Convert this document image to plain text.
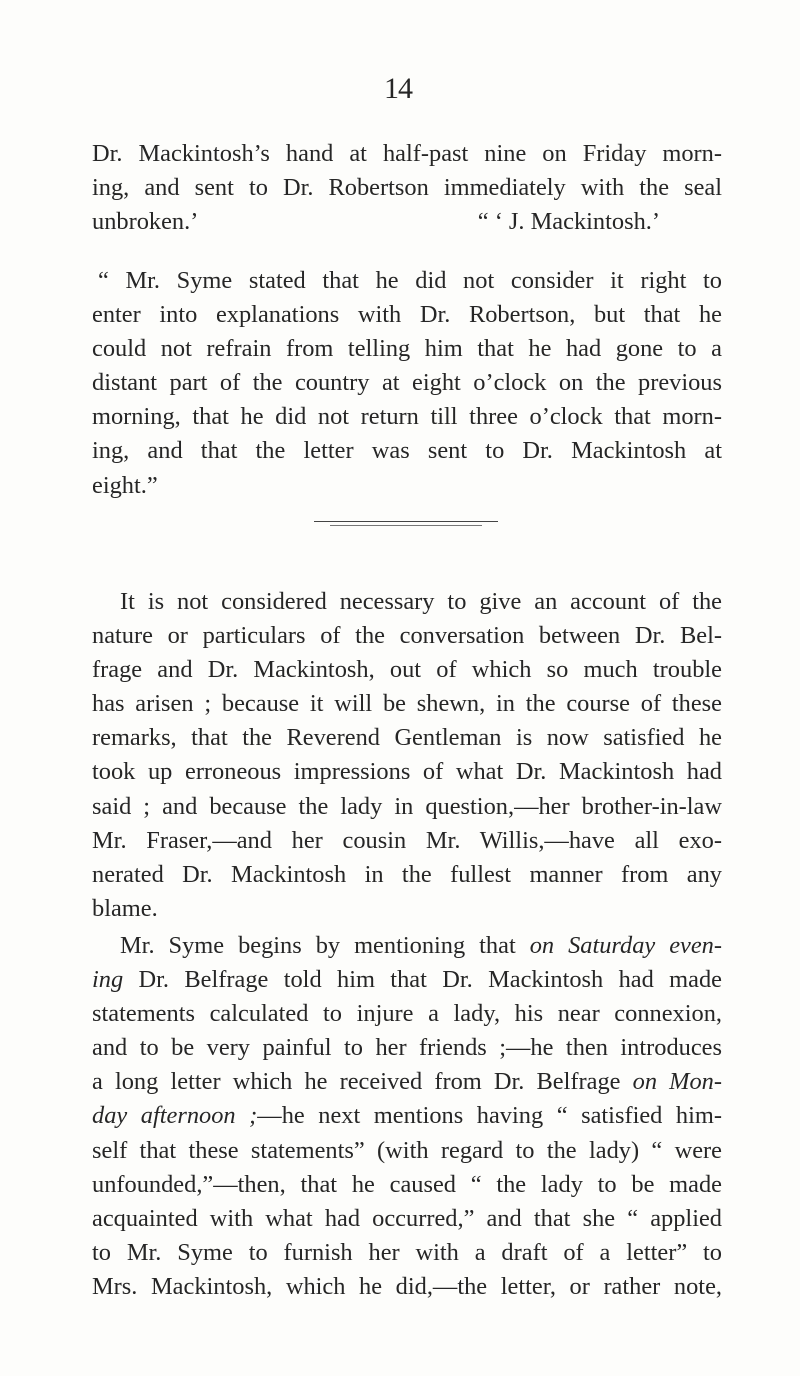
14
Dr. Mackintosh’s hand at half-past nine on Friday morn-
ing, and sent to Dr. Robertson immediately with the seal
unbroken.’	“ ‘ J. Mackintosh.’
“ Mr. Syme stated that he did not consider it right to
enter into explanations with Dr. Robertson, but that he
could not refrain from telling him that he had gone to a
distant part of the country at eight o’clock on the previous
morning, that he did not return till three o’clock that morn-
ing, and that the letter was sent to Dr. Mackintosh at
eight.”
It is not considered necessary to give an account of the
nature or particulars of the conversation between Dr. Bel-
frage and Dr. Mackintosh, out of which so much trouble
has arisen ; because it will be shewn, in the course of these
remarks, that the Reverend Gentleman is now satisfied he
took up erroneous impressions of what Dr. Mackintosh had
said ; and because the lady in question,—her brother-in-law
Mr. Fraser,—and her cousin Mr. Willis,—have all exo-
nerated Dr. Mackintosh in the fullest manner from any
blame.
Mr. Syme begins by mentioning that on Saturday even-
ing Dr. Belfrage told him that Dr. Mackintosh had made
statements calculated to injure a lady, his near connexion,
and to be very painful to her friends ;—he then introduces
a long letter which he received from Dr. Belfrage on Mon-
day afternoon ;—he next mentions having “ satisfied him-
self that these statements” (with regard to the lady) “ were
unfounded,”—then, that he caused “ the lady to be made
acquainted with what had occurred,” and that she “ applied
to Mr. Syme to furnish her with a draft of a letter” to
Mrs. Mackintosh, which he did,—the letter, or rather note,
